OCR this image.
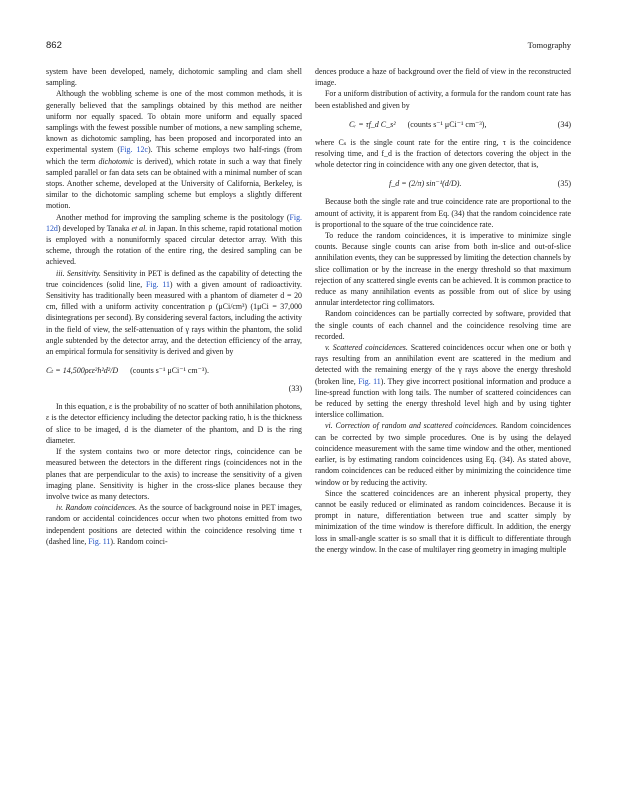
862	Tomography

system have been developed, namely, dichotomic sampling and clam shell sampling.

Although the wobbling scheme is one of the most common methods, it is generally believed that the samplings obtained by this method are neither uniform nor equally spaced. To obtain more uniform and equally spaced samplings with the fewest possible number of motions, a new sampling scheme, known as dichotomic sampling, has been proposed and incorporated into an experimental system (Fig. 12c). This scheme employs two half-rings (from which the term dichotomic is derived), which rotate in such a way that finely sampled parallel or fan data sets can be obtained with a minimal number of scan stops. Another scheme, developed at the University of California, Berkeley, is similar to the dichotomic sampling scheme but employs a slightly different motion.

Another method for improving the sampling scheme is the positology (Fig. 12d) developed by Tanaka et al. in Japan. In this scheme, rapid rotational motion is employed with a nonuniformly spaced circular detector array. With this scheme, through the rotation of the entire ring, the desired sampling can be achieved.

iii. Sensitivity. Sensitivity in PET is defined as the capability of detecting the true coincidences (solid line, Fig. 11) with a given amount of radioactivity. Sensitivity has traditionally been measured with a phantom of diameter d = 20 cm, filled with a uniform activity concentration ρ (μCi/cm³) (1μCi = 37,000 disintegrations per second). By considering several factors, including the activity in the field of view, the self-attenuation of γ rays within the phantom, the solid angle subtended by the detector array, and the detection efficiency of the array, an empirical formula for sensitivity is derived and given by

Cₜ = 14,500ρϵε²h²d²/D (counts s⁻¹ μCi⁻¹ cm⁻³).
(33)

In this equation, ε is the probability of no scatter of both annihilation photons, ε is the detector efficiency including the detector packing ratio, h is the thickness of slice to be imaged, d is the diameter of the phantom, and D is the ring diameter.

If the system contains two or more detector rings, coincidence can be measured between the detectors in the different rings (coincidences not in the planes that are perpendicular to the axis) to increase the sensitivity of a given imaging plane. Sensitivity is higher in the cross-slice planes because they involve twice as many detectors.

iv. Random coincidences. As the source of background noise in PET images, random or accidental coincidences occur when two photons emitted from two independent positions are detected within the coincidence resolving time τ (dashed line, Fig. 11). Random coinci-

dences produce a haze of background over the field of view in the reconstructed image.

For a uniform distribution of activity, a formula for the random count rate has been established and given by

Cᵣ = τf_d C_s² (counts s⁻¹ μCi⁻¹ cm⁻³),	(34)

where Cₛ is the single count rate for the entire ring, τ is the coincidence resolving time, and f_d is the fraction of detectors covering the object in the whole detector ring in coincidence with any one given detector, that is,

f_d = (2/π) sin⁻¹(d/D).	(35)

Because both the single rate and true coincidence rate are proportional to the amount of activity, it is apparent from Eq. (34) that the random coincidence rate is proportional to the square of the true coincidence rate.

To reduce the random coincidences, it is imperative to minimize single counts. Because single counts can arise from both in-slice and out-of-slice annihilation events, they can be suppressed by limiting the detection channels by slice collimation or by the increase in the energy threshold so that maximum rejection of any scattered single events can be achieved. It is common practice to reduce as many annihilation events as possible from out of slice by using annular interdetector ring collimators.

Random coincidences can be partially corrected by software, provided that the single counts of each channel and the coincidence resolving time are recorded.

v. Scattered coincidences. Scattered coincidences occur when one or both γ rays resulting from an annihilation event are scattered in the medium and detected with the remaining energy of the γ rays above the energy threshold (broken line, Fig. 11). They give incorrect positional information and produce a line-spread function with long tails. The number of scattered coincidences can be reduced by setting the energy threshold level high and by using tighter interslice collimation.

vi. Correction of random and scattered coincidences. Random coincidences can be corrected by two simple procedures. One is by using the delayed coincidence measurement with the same time window and the other, mentioned earlier, is by estimating random coincidences using Eq. (34). As stated above, random coincidences can be reduced either by minimizing the coincidence time window or by reducing the activity.

Since the scattered coincidences are an inherent physical property, they cannot be easily reduced or eliminated as random coincidences. Because it is prompt in nature, differentiation between true and scatter simply by minimization of the time window is therefore difficult. In addition, the energy loss in small-angle scatter is so small that it is difficult to differentiate through the energy window. In the case of multilayer ring geometry in imaging multiple
